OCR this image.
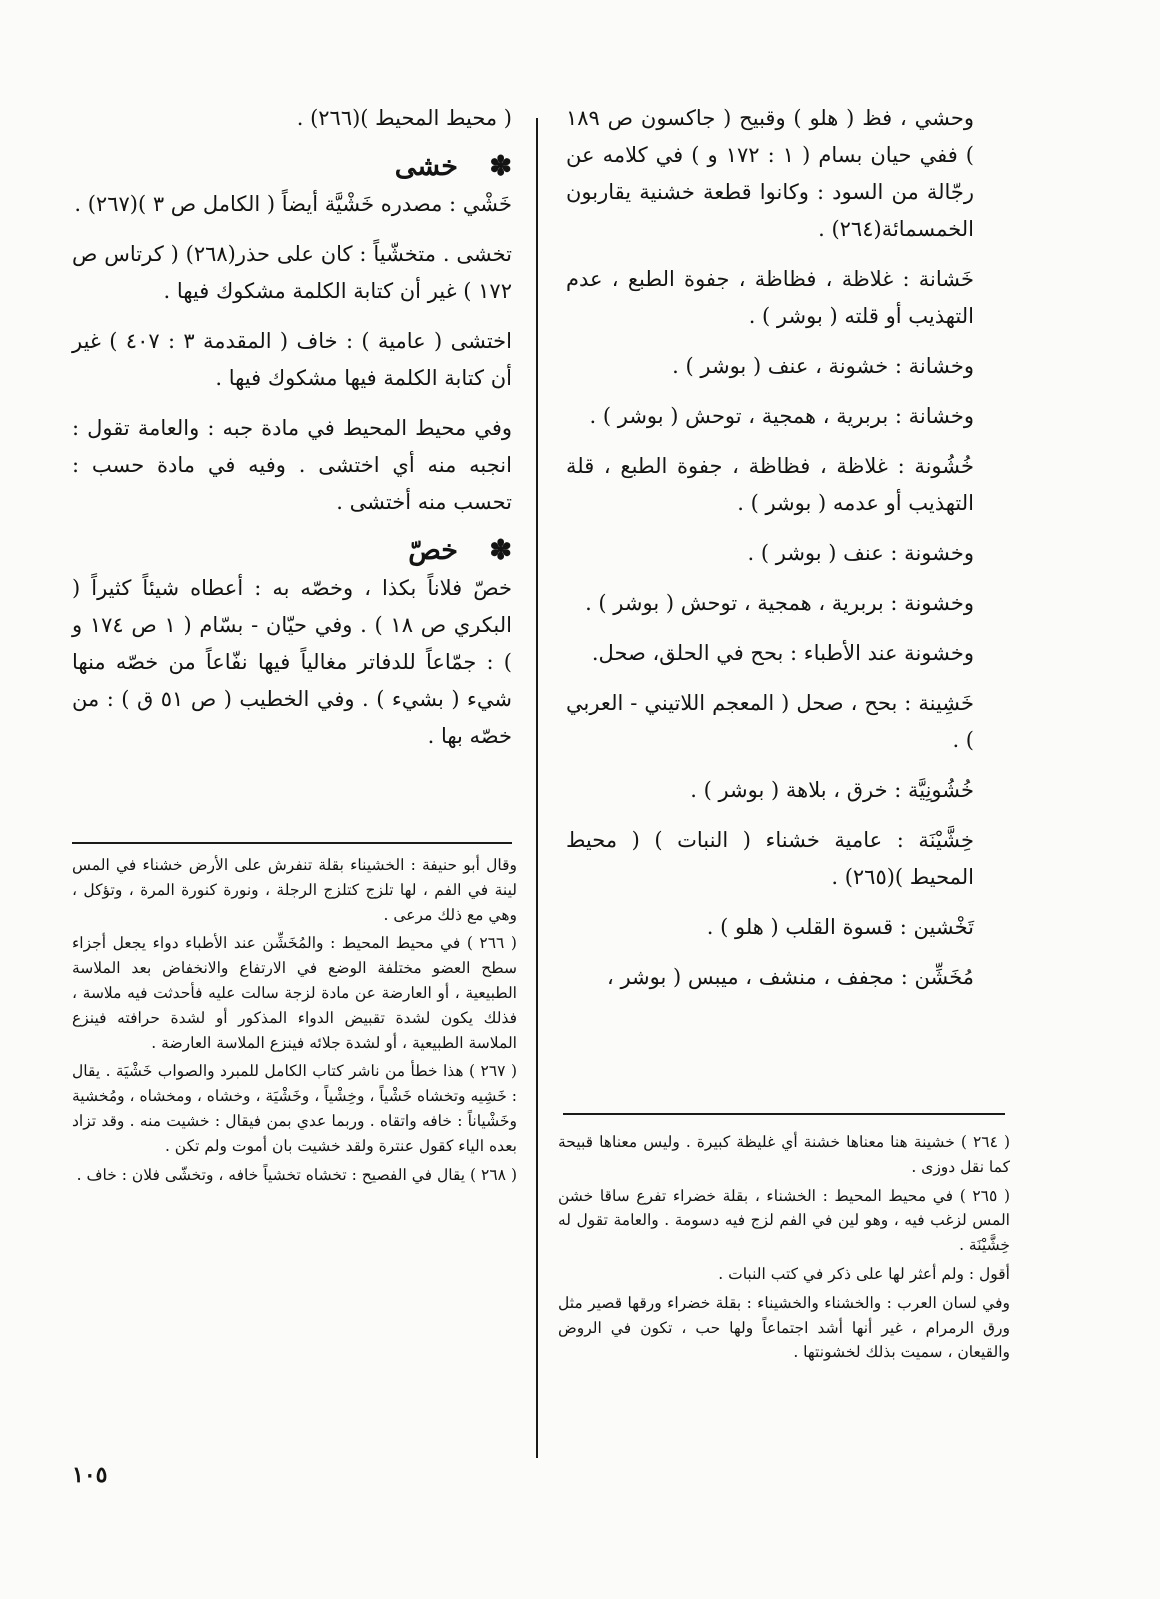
وحشي ، فظ ( هلو ) وقبيح ( جاكسون ص ١٨٩ ) ففي حيان بسام ( ١ : ١٧٢ و ) في كلامه عن رجّالة من السود : وكانوا قطعة خشنية يقاربون الخمسمائة(٢٦٤) .

خَشانة : غلاظة ، فظاظة ، جفوة الطبع ، عدم التهذيب أو قلته ( بوشر ) .

وخشانة : خشونة ، عنف ( بوشر ) .

وخشانة : بربرية ، همجية ، توحش ( بوشر ) .

خُشُونة : غلاظة ، فظاظة ، جفوة الطبع ، قلة التهذيب أو عدمه ( بوشر ) .

وخشونة : عنف ( بوشر ) .

وخشونة : بربرية ، همجية ، توحش ( بوشر ) .

وخشونة عند الأطباء : بحح في الحلق، صحل.

خَشِينة : بحح ، صحل ( المعجم اللاتيني - العربي ) .

خُشُونِيَّة : خرق ، بلاهة ( بوشر ) .

خِشَّيْنَة : عامية خشناء ( النبات ) ( محيط المحيط )(٢٦٥) .

تَخْشين : قسوة القلب ( هلو ) .

مُخَشِّن : مجفف ، منشف ، ميبس ( بوشر ،

( محيط المحيط )(٢٦٦) .

✽ خشى

خَشْي : مصدره خَشْيَّة أيضاً ( الكامل ص ٣ )(٢٦٧) .

تخشى . متخشّياً : كان على حذر(٢٦٨) ( كرتاس ص ١٧٢ ) غير أن كتابة الكلمة مشكوك فيها .

اختشى ( عامية ) : خاف ( المقدمة ٣ : ٤٠٧ ) غير أن كتابة الكلمة فيها مشكوك فيها .

وفي محيط المحيط في مادة جبه : والعامة تقول : انجبه منه أي اختشى . وفيه في مادة حسب : تحسب منه أختشى .

✽ خصّ

خصّ فلاناً بكذا ، وخصّه به : أعطاه شيئاً كثيراً ( البكري ص ١٨ ) . وفي حيّان - بسّام ( ١ ص ١٧٤ و ) : جمّاعاً للدفاتر مغالياً فيها نفّاعاً من خصّه منها شيء ( بشيء ) . وفي الخطيب ( ص ٥١ ق ) : من خصّه بها .

( ٢٦٤ ) خشينة هنا معناها خشنة أي غليظة كبيرة . وليس معناها قبيحة كما نقل دوزى .

( ٢٦٥ ) في محيط المحيط : الخشناء ، بقلة خضراء تفرع ساقا خشن المس لزغب فيه ، وهو لين في الفم لزج فيه دسومة . والعامة تقول له خِشَّيْنَة .

أقول : ولم أعثر لها على ذكر في كتب النبات .

وفي لسان العرب : والخشناء والخشيناء : بقلة خضراء ورقها قصير مثل ورق الرمرام ، غير أنها أشد اجتماعاً ولها حب ، تكون في الروض والقيعان ، سميت بذلك لخشونتها .

وقال أبو حنيفة : الخشيناء بقلة تنفرش على الأرض خشناء في المس لينة في الفم ، لها تلزج كتلزج الرجلة ، ونورة كنورة المرة ، وتؤكل ، وهي مع ذلك مرعى .

( ٢٦٦ ) في محيط المحيط : والمُخَشِّن عند الأطباء دواء يجعل أجزاء سطح العضو مختلفة الوضع في الارتفاع والانخفاض بعد الملاسة الطبيعية ، أو العارضة عن مادة لزجة سالت عليه فأحدثت فيه ملاسة ، فذلك يكون لشدة تقبيض الدواء المذكور أو لشدة حرافته فينزع الملاسة الطبيعية ، أو لشدة جلائه فينزع الملاسة العارضة .

( ٢٦٧ ) هذا خطأ من ناشر كتاب الكامل للمبرد والصواب خَشْيَة . يقال : خَشِيه وتخشاه خَشْياً ، وخِشْياً ، وخَشْيَة ، وخشاه ، ومخشاه ، ومُخشية وخَشْياناً : خافه واتقاه . وربما عدي بمن فيقال : خشيت منه . وقد تزاد بعده الياء كقول عنترة ولقد خشيت بان أموت ولم تكن .

( ٢٦٨ ) يقال في الفصيح : تخشاه تخشياً خافه ، وتخشّى فلان : خاف .

١٠٥
